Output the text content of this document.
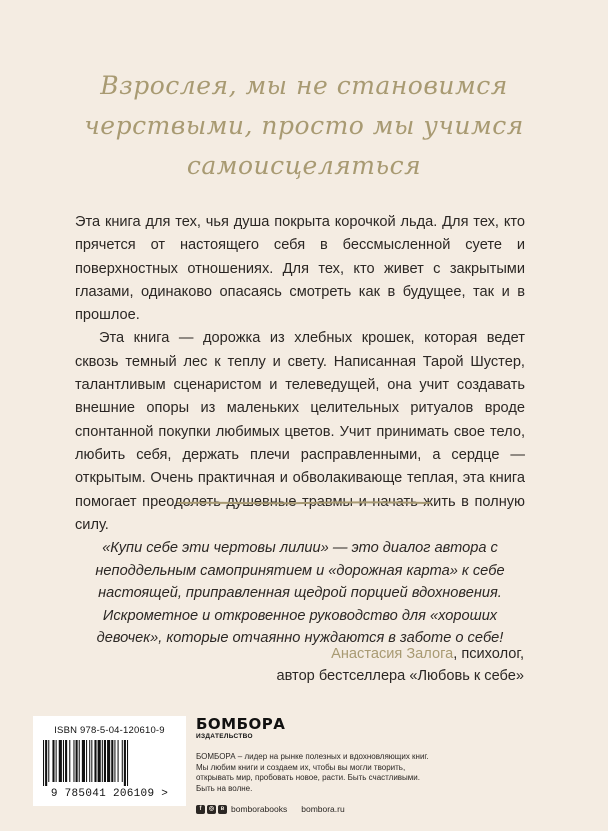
Взрослея, мы не становимся
черствыми, просто мы учимся
самоисцеляться

Эта книга для тех, чья душа покрыта корочкой льда. Для тех, кто прячется от настоящего себя в бессмысленной суете и поверхностных отношениях. Для тех, кто живет с закрытыми глазами, одинаково опасаясь смотреть как в будущее, так и в прошлое.

Эта книга — дорожка из хлебных крошек, которая ведет сквозь темный лес к теплу и свету. Написанная Тарой Шустер, талантливым сценаристом и телеведущей, она учит создавать внешние опоры из маленьких целительных ритуалов вроде спонтанной покупки любимых цветов. Учит принимать свое тело, любить себя, держать плечи расправленными, а сердце — открытым. Очень практичная и обволакивающе теплая, эта книга помогает преодолеть душевные травмы и начать жить в полную силу.

«Купи себе эти чертовы лилии» — это диалог автора с неподдельным самопринятием и «дорожная карта» к себе настоящей, приправленная щедрой порцией вдохновения. Искрометное и откровенное руководство для «хороших девочек», которые отчаянно нуждаются в заботе о себе!
Анастасия Залога, психолог,
автор бестселлера «Любовь к себе»
ISBN 978-5-04-120610-9
9 785041 206109 >
БОМБОРА
ИЗДАТЕЛЬСТВО
БОМБОРА – лидер на рынке полезных и вдохновляющих книг. Мы любим книги и создаем их, чтобы вы могли творить, открывать мир, пробовать новое, расти. Быть счастливыми. Быть на волне.
f	◎	в bomborabooks bombora.ru
